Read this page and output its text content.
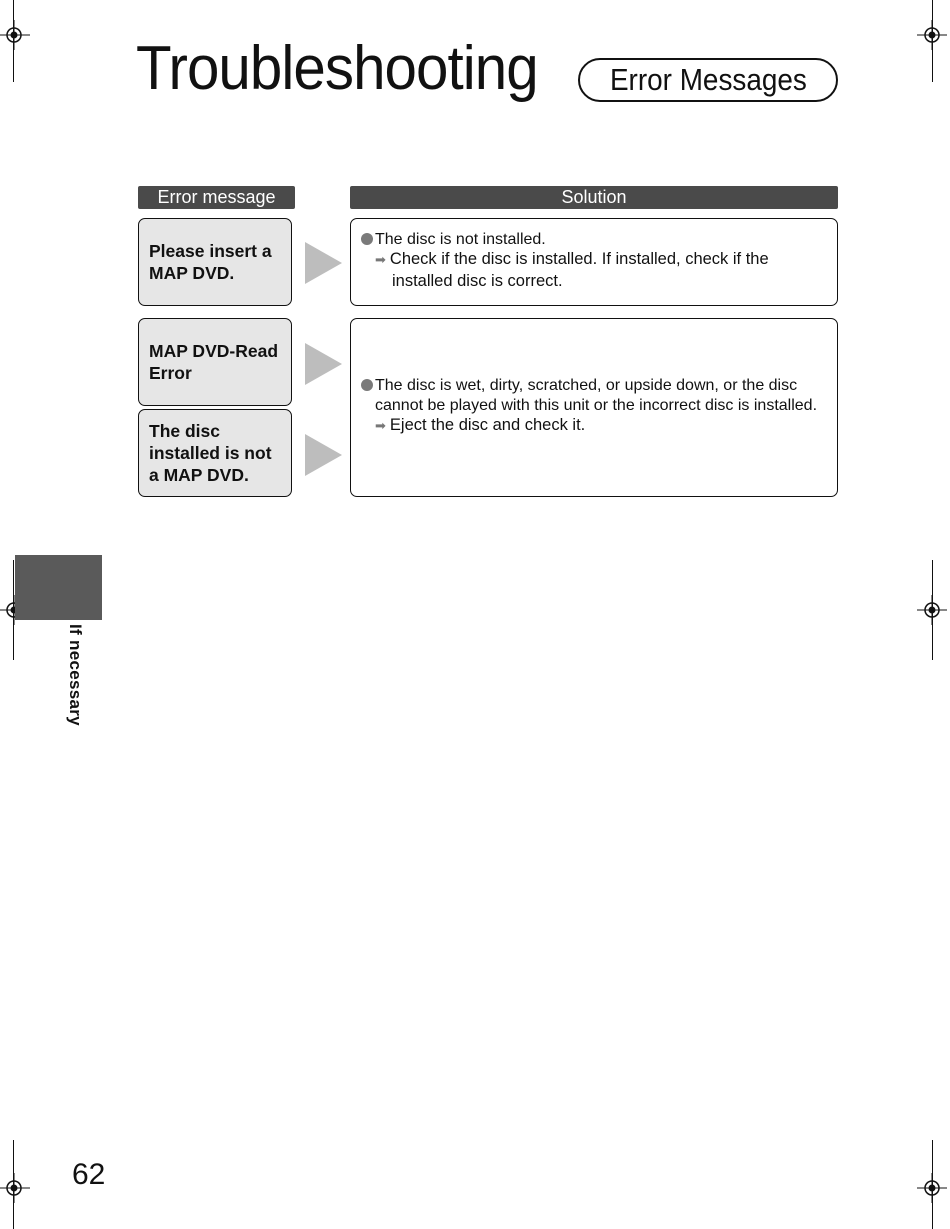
Troubleshooting Error Messages
Error message	Solution
Please insert a MAP DVD.
The disc is not installed.
➡ Check if the disc is installed. If installed, check if the
installed disc is correct.
MAP DVD-Read Error
The disc installed is not a MAP DVD.
The disc is wet, dirty, scratched, or upside down, or the disc
cannot be played with this unit or the incorrect disc is installed.
➡ Eject the disc and check it.
If necessary
62
